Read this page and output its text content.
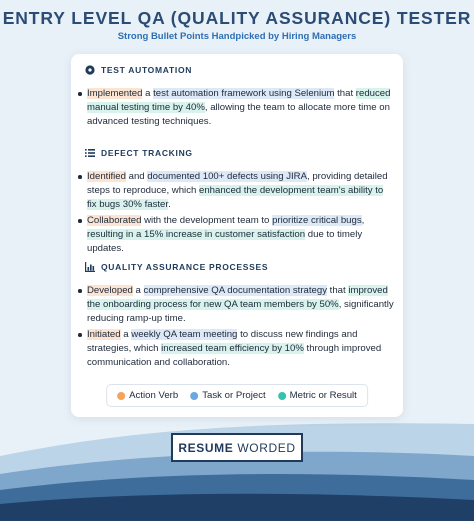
ENTRY LEVEL QA (QUALITY ASSURANCE) TESTER
Strong Bullet Points Handpicked by Hiring Managers
TEST AUTOMATION
Implemented a test automation framework using Selenium that reduced manual testing time by 40%, allowing the team to allocate more time on advanced testing techniques.
DEFECT TRACKING
Identified and documented 100+ defects using JIRA, providing detailed steps to reproduce, which enhanced the development team's ability to fix bugs 30% faster.
Collaborated with the development team to prioritize critical bugs, resulting in a 15% increase in customer satisfaction due to timely updates.
QUALITY ASSURANCE PROCESSES
Developed a comprehensive QA documentation strategy that improved the onboarding process for new QA team members by 50%, significantly reducing ramp-up time.
Initiated a weekly QA team meeting to discuss new findings and strategies, which increased team efficiency by 10% through improved communication and collaboration.
Action Verb	Task or Project	Metric or Result
RESUME WORDED
